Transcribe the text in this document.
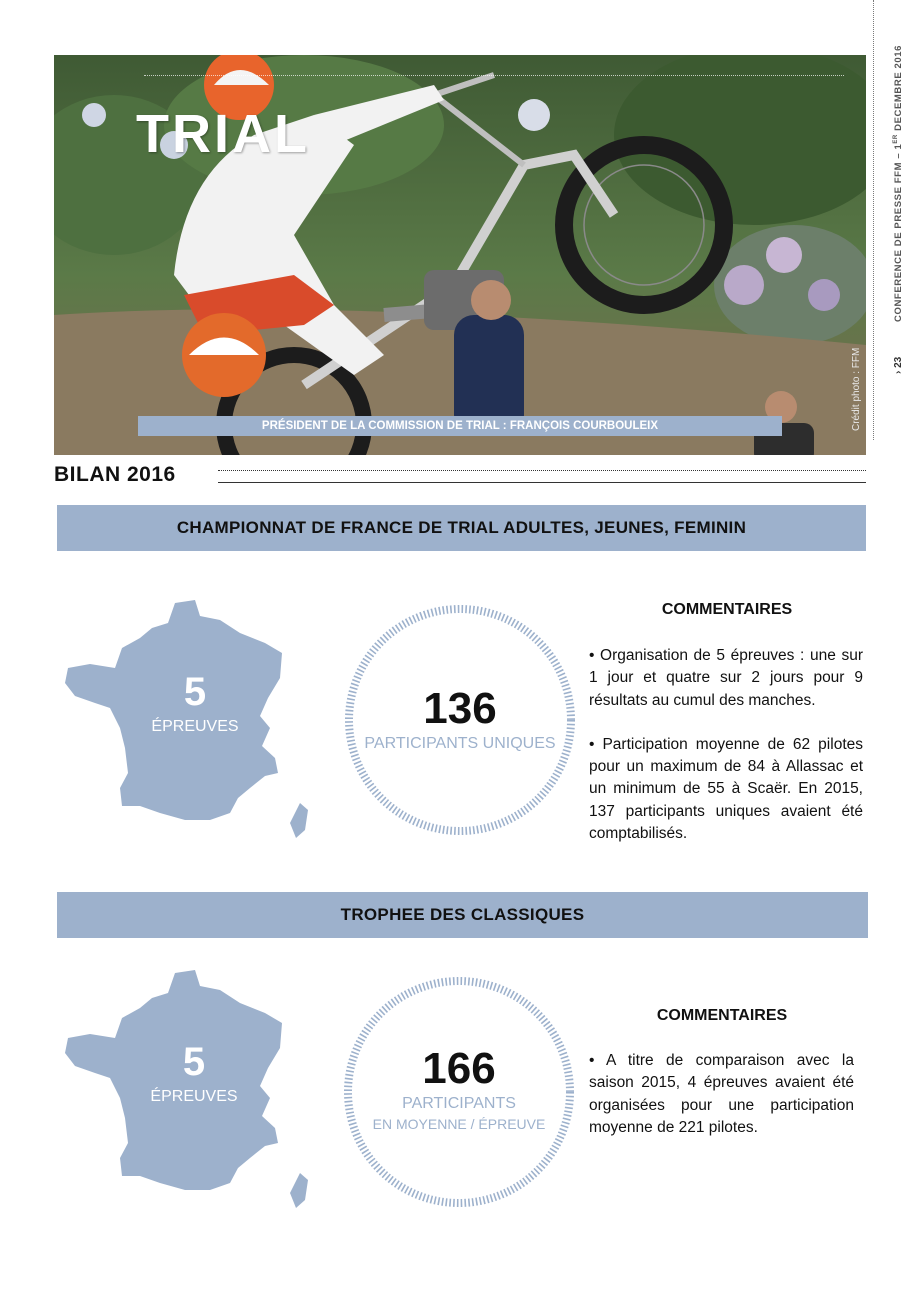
CONFERENCE DE PRESSE FFM – 1ER DECEMBRE 2016
› 23
TRIAL
PRÉSIDENT DE LA COMMISSION DE TRIAL : FRANÇOIS COURBOULEIX	Crédit photo : FFM
BILAN 2016
CHAMPIONNAT DE FRANCE DE TRIAL ADULTES, JEUNES, FEMININ
5
ÉPREUVES	136
PARTICIPANTS UNIQUES
COMMENTAIRES

• Organisation de 5 épreuves : une sur 1 jour et quatre sur 2 jours pour 9 résultats au cumul des manches.

• Participation moyenne de 62 pilotes pour un maximum de 84 à Allassac et un minimum de 55 à Scaër. En 2015, 137 participants uniques avaient été comptabilisés.

TROPHEE DES CLASSIQUES
5
ÉPREUVES
166
PARTICIPANTS
EN MOYENNE / ÉPREUVE
COMMENTAIRES

• A titre de comparaison avec la saison 2015, 4 épreuves avaient été organisées pour une participation moyenne de 221 pilotes.
